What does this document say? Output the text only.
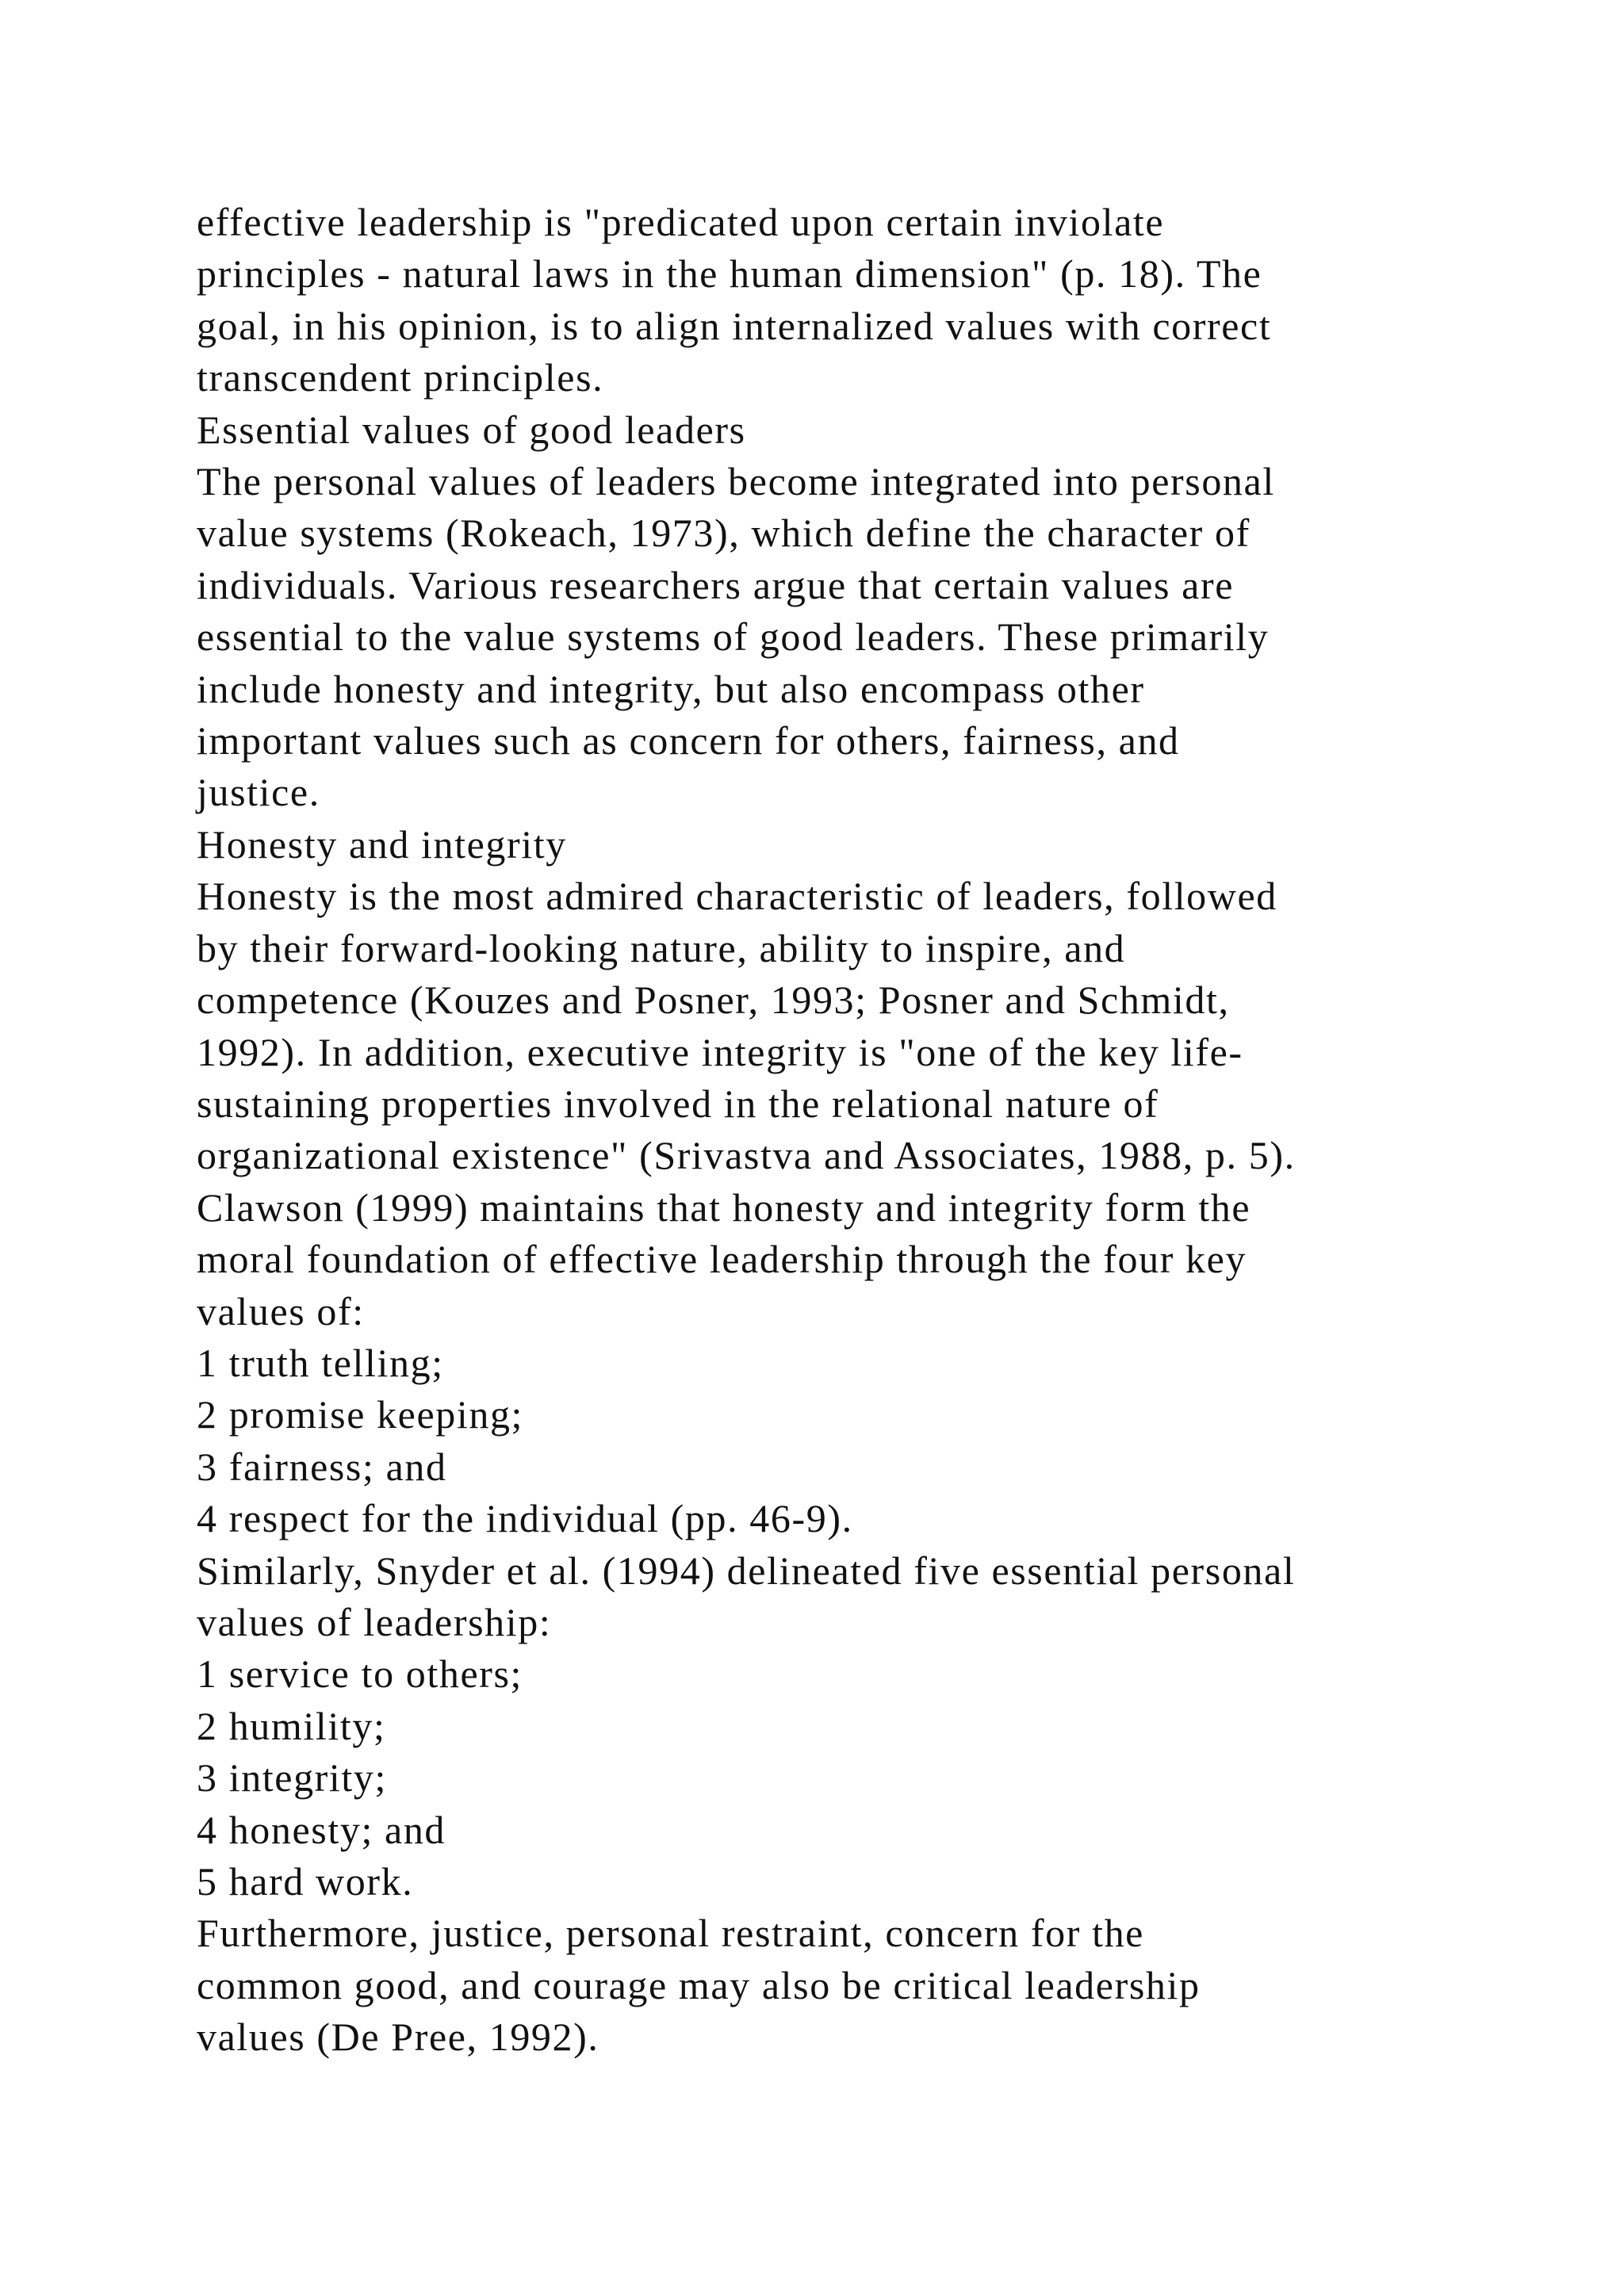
effective leadership is "predicated upon certain inviolate
principles - natural laws in the human dimension" (p. 18). The
goal, in his opinion, is to align internalized values with correct
transcendent principles.
Essential values of good leaders
The personal values of leaders become integrated into personal
value systems (Rokeach, 1973), which define the character of
individuals. Various researchers argue that certain values are
essential to the value systems of good leaders. These primarily
include honesty and integrity, but also encompass other
important values such as concern for others, fairness, and
justice.
Honesty and integrity
Honesty is the most admired characteristic of leaders, followed
by their forward-looking nature, ability to inspire, and
competence (Kouzes and Posner, 1993; Posner and Schmidt,
1992). In addition, executive integrity is "one of the key life-
sustaining properties involved in the relational nature of
organizational existence" (Srivastva and Associates, 1988, p. 5).
Clawson (1999) maintains that honesty and integrity form the
moral foundation of effective leadership through the four key
values of:
1 truth telling;
2 promise keeping;
3 fairness; and
4 respect for the individual (pp. 46-9).
Similarly, Snyder et al. (1994) delineated five essential personal
values of leadership:
1 service to others;
2 humility;
3 integrity;
4 honesty; and
5 hard work.
Furthermore, justice, personal restraint, concern for the
common good, and courage may also be critical leadership
values (De Pree, 1992).
